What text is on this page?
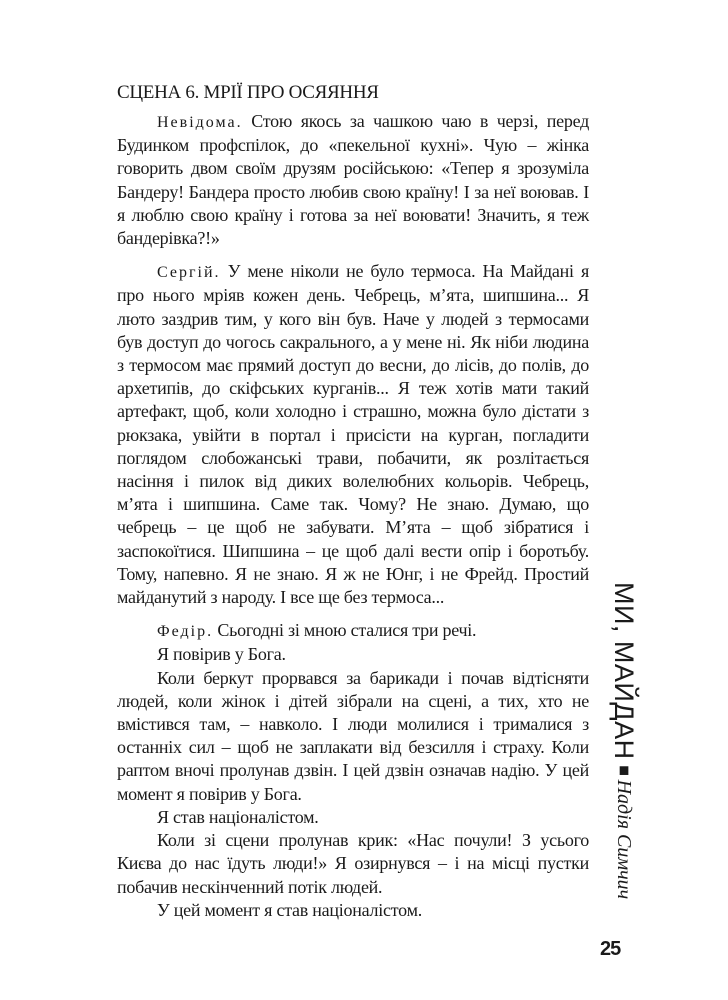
СЦЕНА 6. МРІЇ ПРО ОСЯЯННЯ

Невідома. Стою якось за чашкою чаю в черзі, перед Будинком профспілок, до «пекельної кухні». Чую – жінка говорить двом своїм друзям російською: «Тепер я зрозуміла Бандеру! Бандера просто любив свою країну! І за неї воював. І я люблю свою країну і готова за неї воювати! Значить, я теж бандерівка?!»

Сергій. У мене ніколи не було термоса. На Майдані я про нього мріяв кожен день. Чебрець, м’ята, шипшина... Я люто заздрив тим, у кого він був. Наче у людей з термосами був доступ до чогось сакрального, а у мене ні. Як ніби людина з термосом має прямий доступ до весни, до лісів, до полів, до архетипів, до скіфських курганів... Я теж хотів мати такий артефакт, щоб, коли холодно і страшно, можна було дістати з рюкзака, увійти в портал і присісти на курган, погладити поглядом слобожанські трави, побачити, як розлітається насіння і пилок від диких волелюбних кольорів. Чебрець, м’ята і шипшина. Саме так. Чому? Не знаю. Думаю, що чебрець – це щоб не забувати. М’ята – щоб зібратися і заспокоїтися. Шипшина – це щоб далі вести опір і боротьбу. Тому, напевно. Я не знаю. Я ж не Юнг, і не Фрейд. Простий майданутий з народу. І все ще без термоса...

Федір. Сьогодні зі мною сталися три речі.

Я повірив у Бога.

Коли беркут прорвався за барикади і почав відтісняти людей, коли жінок і дітей зібрали на сцені, а тих, хто не вмістився там, – навколо. І люди молилися і трималися з останніх сил – щоб не заплакати від безсилля і страху. Коли раптом вночі пролунав дзвін. І цей дзвін означав надію. У цей момент я повірив у Бога.

Я став націоналістом.

Коли зі сцени пролунав крик: «Нас почули! З усього Києва до нас їдуть люди!» Я озирнувся – і на місці пустки побачив нескінченний потік людей.

У цей момент я став націоналістом.

МИ, МАЙДАН■Надія Симчич
25
